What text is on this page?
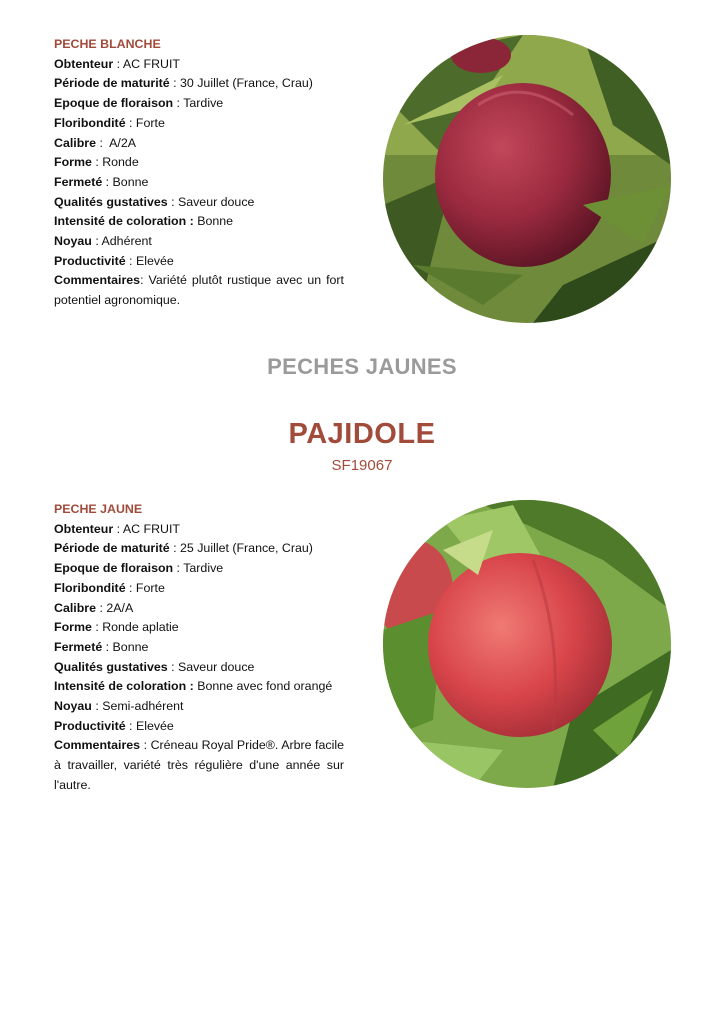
PECHE BLANCHE
Obtenteur : AC FRUIT
Période de maturité : 30 Juillet (France, Crau)
Epoque de floraison : Tardive
Floribondité : Forte
Calibre :  A/2A
Forme : Ronde
Fermeté : Bonne
Qualités gustatives : Saveur douce
Intensité de coloration : Bonne
Noyau : Adhérent
Productivité : Elevée
Commentaires: Variété plutôt rustique avec un fort potentiel agronomique.
PECHES JAUNES
PAJIDOLE
SF19067
PECHE JAUNE
Obtenteur : AC FRUIT
Période de maturité : 25 Juillet (France, Crau)
Epoque de floraison : Tardive
Floribondité : Forte
Calibre : 2A/A
Forme : Ronde aplatie
Fermeté : Bonne
Qualités gustatives : Saveur douce
Intensité de coloration : Bonne avec fond orangé
Noyau : Semi-adhérent
Productivité : Elevée
Commentaires : Créneau Royal Pride®. Arbre facile à travailler, variété très régulière d'une année sur l'autre.
